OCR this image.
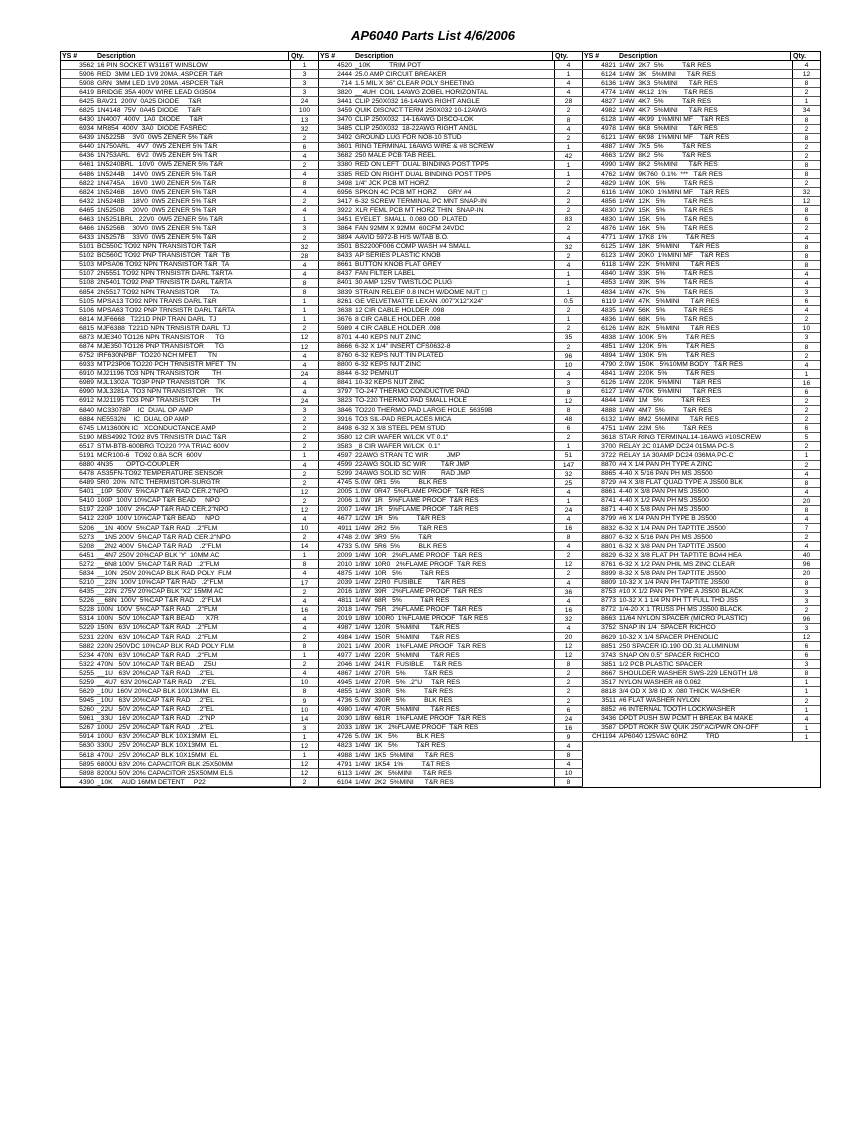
AP6040 Parts List 4/6/2006
YS #	Description	Qty.
3562 16 PIN SOCKET W3116T WINSLOW	1
5906 RED  3MM LED 1V9 20MA .4SPCER T&R	3
5908 GRN  3MM LED 1V9 20MA .4SPCER T&R	3
6419 BRIDGE 35A 400V WIRE LEAD GI3504	3
6425 BAV21  200V  0A25 DIODE     T&R	24
6825 1N4148  75V  0A45 DIODE     T&R	100
6430 1N4007  400V  1A0  DIODE     T&R	13
6934 MR854  400V  3A0  DIODE FASREC	32
6439 1N5225B    3V0  0W5 ZENER 5% T&R	2
6440 1N750ARL    4V7  0W5 ZENER 5% T&R	6
6436 1N753ARL    6V2  0W5 ZENER 5% T&R	4
6461 1N5240BRL   10V0  0W5 ZENER 5% T&R	2
6486 1N5244B    14V0  0W5 ZENER 5% T&R	4
6822 1N4745A    16V0  1W0 ZENER 5% T&R	8
6824 1N5246B    16V0  0W5 ZENER 5% T&R	4
6432 1N5248B    18V0  0W5 ZENER 5% T&R	2
6465 1N5250B    20V0  0W5 ZENER 5% T&R	4
6463 1N5251BRL   22V0  0W5 ZENER 5% T&R	1
6466 1N5256B    30V0  0W5 ZENER 5% T&R	3
6433 1N5257B    33V0  0W5 ZENER 5% T&R	2
5101 BC550C TO92 NPN TRANSISTOR T&R	32
5102 BC560C TO92 PNP TRANSISTOR  T&R  TB	28
5103 MPSA06 TO92 NPN TRANSISTOR T&R  TA	4
5107 2N5551 TO92 NPN TRNSISTR DARL T&RTA	4
5108 2N5401 TO92 PNP TRNSISTR DARL T&RTA	8
6854 2N5517 TO92 NPN TRANSISTOR      TA	8
5105 MPSA13 TO92 NPN TRANS DARL T&R	1
5106 MPSA63 TO92 PNP TRNSISTR DARL T&RTA	1
6814 MJF6668   T221D PNP TRAN DARL  TJ	1
6815 MJF6388  T221D NPN TRNSISTR DARL  TJ	2
6873 MJE340 TO126 NPN TRANSISTOR      TG	12
6874 MJE350 TO126 PNP TRANSISTOR      TG	12
6752 IRF630NPBF  TO220 NCH MFET      TN	4
6933 MTP23P06 TO220 PCH TRNSISTR MFET  TN	4
6910 MJ21196 TO3 NPN TRANSISTOR       TH	24
6989 MJL1302A  TO3P PNP TRANSISTOR    TK	4
6990 MJL3281A  TO3 NPN TRANSISTOR     TK	4
6912 MJ21195 TO3 PNP TRANSISTOR       TH	24
6840 MC33078P    IC  DUAL OP AMP	3
6884 NE5532N    IC  DUAL OP AMP	2
6745 LM13600N IC   XCONDUCTANCE AMP	2
5190 MBS4992 TO92 8V5 TRNSISTR DIAC T&R	2
6517 STM-BTB-600BRG TO220 ??A TRIAC 600V	2
5191 MCR100-6   TO92 0.8A SCR  600V	1
6880 4N35       OPTO-COUPLER	4
6478 AS35FN-TO92 TEMPERATURE SENSOR	2
6489 5R0  20%  NTC THERMISTOR-SURGTR	2
5401 _10P  500V  5%CAP T&R RAD CER.2"NPO	12
5410 100P  100V 10%CAP T&R BEAD     NPO	2
5197 220P  100V  2%CAP T&R RAD CER.2"NPO	12
5412 220P  100V 10%CAP T&R BEAD     NPO	4
5206 __1N  400V  5%CAP T&R RAD   .2"FLM	10
5273 __1N5 200V  5%CAP T&R RAD CER.2"NPO	2
5208 __2N2 400V  5%CAP T&R RAD    .2"FLM	14
6451 __4N7 250V 20%CAP BLK 'Y'  10MM AC	1
5272 __6N8 100V  5%CAP T&R RAD   .2"FLM	8
5834 __10N  250V 20%CAP BLK RAD POLY  FLM	4
5210 __22N  100V 10%CAP T&R RAD   .2"FLM	17
6435 __22N  275V 20%CAP BLK 'X2' 15MM AC	2
5226 __68N  100V  5%CAP T&R RAD   .2"FLM	4
5228 100N  100V  5%CAP T&R RAD   .2"FLM	16
5314 100N   50V 10%CAP T&R BEAD      X7R	4
5229 150N   63V 10%CAP T&R RAD   .2"FLM	4
5231 220N   63V 10%CAP T&R RAD   .2"FLM	2
5882 220N 250VDC 10%CAP BLK RAD POLY FLM	8
5234 470N   63V 10%CAP T&R RAD   .2"FLM	1
5322 470N   50V 10%CAP T&R BEAD     Z5U	2
5255 __1U   63V 20%CAP T&R RAD    .2"EL	4
5259 __4U7  63V 20%CAP T&R RAD    .2"EL	10
5629 _10U  160V 20%CAP BLK 10X13MM  EL	8
5945 _10U   63V 20%CAP T&R RAD    .2"EL	9
5260 _22U   50V 20%CAP T&R RAD    .2"EL	10
5961 _33U   16V 20%CAP T&R RAD    .2"NP	14
5267 100U   25V 20%CAP T&R RAD    .2"EL	3
5914 100U   63V 20%CAP BLK 10X13MM  EL	1
5630 330U   25V 20%CAP BLK 10X13MM  EL	12
5618 470U   25V 20%CAP BLK 10X15MM  EL	1
5895 6800U 63V 20% CAPACITOR BLK 25X50MM	12
5898 8200U 50V 20% CAPACITOR 25X50MM ELS	12
4390 _10K     AUD 16MM DETENT     P22	2
YS #	Description	Qty.
4520 _10K          TRIM POT	4
2444 25.0 AMP CIRCUIT BREAKER	1
714 1.5 MIL X 36" CLEAR POLY SHEETING	4
3820 __4UH  COIL 14AWG ZOBEL HORIZONTAL	4
3441 CLIP 250X032 16-14AWG RIGHT ANGLE	28
3459 QUIK DISCNCT TERM 250X032 10-12AWG	2
3470 CLIP 250X032  14-16AWG DISCO-LOK	8
3485 CLIP 250X032  18-22AWG RIGHT ANGL	4
3492 GROUND LUG FOR NO8-10 STUD	2
3601 RING TERMINAL 16AWG WIRE & #8 SCREW	1
3682 250 MALE PCB TAB REEL	42
3380 RED ON LEFT  DUAL BINDING POST TPP5	1
3385 RED ON RIGHT DUAL BINDING POST TPP5	1
3498 1/4" JCK PCB MT HORZ	2
6956 SPKON 4C PCB MT HORZ      GRY #4	2
3417 6-32 SCREW TERMINAL PC MNT SNAP-IN	2
3922 XLR FEML PCB MT HORZ THIN  SNAP-IN	2
3451 EYELET  SMALL  0.089 OD  PLATED	83
3864 FAN 92MM X 92MM  60CFM 24VDC	2
3894 AAVID 5972-B H/S W/TAB B.O.	4
3501 BS2200F006 COMP WASH #4 SMALL	32
8433 AP SERIES PLASTIC KNOB	2
8661 BUTTON KNOB FLAT GREY	4
8437 FAN FILTER LABEL	1
8401 30 AMP 125V TWISTLOC PLUG	1
3839 STRAIN RELEIF 0.8 INCH W/DOME NUT ◻	1
8261 GE VELVETMATTE LEXAN .007"X12"X24"	0.5
3638 12 CIR CABLE HOLDER .098	2
3676 8 CIR CABLE HOLDER .098	1
5989 4 CIR CABLE HOLDER .098	2
8701 4-40 KEPS NUT ZINC	35
8666 6-32 X 1/4" INSERT CFS0632-8	2
8760 6-32 KEPS NUT TIN PLATED	96
8800 6-32 KEPS NUT ZINC	10
8844 6-32 PEMNUT	4
8841 10-32 KEPS NUT ZINC	3
3797 TO-247 THERMO CONDUCTIVE PAD	8
3823 TO-220 THERMO PAD SMALL HOLE	12
3846 TO220 THERMO PAD LARGE HOLE  56359B	8
3916 TO3 SIL-PAD REPLACES MICA	48
8498 6-32 X 3/8 STEEL PEM STUD	6
3580 12 CIR WAFER W/LCK VT 0.1"	2
3583 _8 CIR WAFER W/LCK  0.1"	1
4597 22AWG STRAN TC WIR          JMP	51
4599 22AWG SOLID SC WIR        T&R JMP	147
5299 24AWG SOLID SC WIR        RAD JMP	32
4745 5.0W  0R1  5%          BLK RES	25
2005 1.0W  0R47  5%FLAME PROOF  T&R RES	4
2006 1.0W  1R   5%FLAME PROOF  T&R RES	1
2007 1/4W  1R   5%FLAME PROOF  T&R RES	24
4677 1/2W  1R   5%          T&R RES	4
4911 1/4W  2R2  5%          T&R RES	16
4748 2.0W  3R9  5%          T&R	8
4733 5.0W  5R6  5%          BLK RES	4
2009 1/4W  10R   2%FLAME PROOF  T&R RES	2
2010 1/8W  10R0   2%FLAME PROOF  T&R RES	12
4875 1/4W  10R   5%          T&R RES	2
2039 1/4W  22R0  FUSIBLE        T&R RES	4
2016 1/8W  39R   2%FLAME PROOF  T&R RES	36
4811 1/4W  68R   5%          T&R RES	4
2018 1/4W  75R   2%FLAME PROOF  T&R RES	16
2019 1/8W  100R0  1%FLAME PROOF  T&R RES	32
4987 1/4W  120R   5%MINI      T&R RES	4
4984 1/4W  150R   5%MINI      T&R RES	20
2021 1/4W  200R   1%FLAME PROOF  T&R RES	12
4977 1/4W  220R   5%MINI      T&R RES	12
2046 1/4W  241R   FUSIBLE     T&R RES	8
4867 1/4W  270R   5%          T&R RES	2
4945 1/4W  270R   5%  .2"U     T&R RES	2
4855 1/4W  330R   5%          T&R RES	2
4736 5.0W  390R   5%          BLK RES	2
4980 1/4W  470R   5%MINI      T&R RES	6
2030 1/8W  681R   1%FLAME PROOF  T&R RES	24
2033 1/8W  1K   2%FLAME PROOF  T&R RES	16
4726 5.0W  1K   5%          BLK RES	9
4823 1/4W  1K   5%          T&R RES	4
4988 1/4W  1K5  5%MINI      T&R RES	8
4791 1/4W  1K54  1%          T&T RES	4
6113 1/4W  2K   5%MINI      T&R RES	10
6104 1/4W  2K2  5%MINI      T&R RES	8
YS #	Description	Qty.
4821 1/4W  2K7  5%          T&R RES	4
6124 1/4W  3K   5%MINI      T&R RES	12
6136 1/4W  3K3  5%MINI      T&R RES	8
4774 1/4W  4K12  1%         T&R RES	2
4827 1/4W  4K7  5%          T&R RES	1
4982 1/4W  4K7  5%MINI      T&R RES	34
6128 1/4W  4K99  1%MINI MF    T&R RES	8
4978 1/4W  6K8  5%MINI      T&R RES	2
6121 1/4W  6K98  1%MINI MF    T&R RES	8
4887 1/4W  7K5  5%          T&R RES	2
4663 1/2W  8K2  5%          T&R RES	2
4990 1/4W  8K2  5%MINI      T&R RES	8
4762 1/4W  9K760  0.1%  ***   T&R RES	8
4829 1/4W  10K   5%          T&R RES	2
6116 1/4W  10K0  1%MINI MF    T&R RES	32
4856 1/4W  12K   5%          T&R RES	12
4830 1/2W  15K   5%          T&R RES	8
4830 1/4W  15K   5%          T&R RES	6
4876 1/4W  16K   5%          T&R RES	2
4771 1/4W  17K8  1%          T&R RES	4
6125 1/4W  18K   5%MINI      T&R RES	8
6123 1/4W  20K0  1%MINI MF    T&R RES	8
6118 1/4W  22K   5%MINI      T&R RES	8
4840 1/4W  33K   5%          T&R RES	4
4853 1/4W  39K   5%          T&R RES	4
4834 1/4W  47K   5%          T&R RES	3
6119 1/4W  47K   5%MINI      T&R RES	6
4835 1/4W  56K   5%          T&R RES	4
4836 1/4W  68K   5%          T&R RES	2
6126 1/4W  82K   5%MINI      T&R RES	10
4838 1/4W  100K  5%          T&R RES	3
4851 1/4W  120K  5%          T&R RES	8
4894 1/4W  130K  5%          T&R RES	2
4790 2.0W  150K   5%10MM BODY   T&R RES	4
4841 1/4W  220K  5%          T&R RES	1
6126 1/4W  220K  5%MINI      T&R RES	16
6127 1/4W  470K  5%MINI      T&R RES	6
4844 1/4W  1M   5%          T&R RES	2
4888 1/4W  4M7  5%          T&R RES	2
6132 1/4W  8M2  5%MINI      T&R RES	2
4751 1/4W  22M  5%          T&R RES	6
3618 STAR RING TERMINAL14-16AWG #10SCREW	5
3700 RELAY 2C 01AMP DC24 015MA PC-S	2
3722 RELAY 1A 30AMP DC24 036MA PC-C	1
8870 #4 X 1/4 PAN PH TYPE A ZINC	2
8865 4-40 X 5/16 PAN PH MS JS500	4
8729 #4 X 3/8 FLAT QUAD TYPE A JS500 BLK	8
8861 4-40 X 3/8 PAN PH MS JS500	4
8741 4-40 X 1/2 PAN PH MS JS500	20
8871 4-40 X 5/8 PAN PH MS JS500	8
8799 #6 X 1/4 PAN PH TYPE B JS500	4
8832 6-32 X 1/4 PAN PH TAPTITE JS500	7
8807 6-32 X 5/16 PAN PH MS JS500	2
8801 6-32 X 3/8 PAN PH TAPTITE JS500	4
8829 6-32 X 3/8 FLAT PH TAPTITE BO#4 HEA	40
8761 6-32 X 1/2 PAN PHIL MS ZINC CLEAR	96
8899 8-32 X 5/8 PAN PH TAPTITE JS500	20
8809 10-32 X 1/4 PAN PH TAPTITE JS500	8
8753 #10 X 1/2 PAN PH TYPE A JS500 BLACK	3
8773 10-32 X 1 1/4 PN PH TT FULL THD JS5	3
8772 1/4-20 X 1 TRUSS PH MS JS500 BLACK	2
8663 11/64 NYLON SPACER (MICRO PLASTIC)	96
3752 SNAP IN 1/4  SPACER RICHCO	3
8629 10-32 X 1/4 SPACER PHENOLIC	12
8851 250 SPACER ID.190 OD.31 ALUMINUM	6
3743 SNAP ON 0.5" SPACER RICHCO	6
3851 1/2 PCB PLASTIC SPACER	3
8667 SHOULDER WASHER SWS-229 LENGTH 1/8	8
3517 NYLON WASHER #8 0.062	1
8818 3/4 OD X 3/8 ID X .080 THICK WASHER	1
3511 #6 FLAT WASHER NYLON	2
8852 #6 INTERNAL TOOTH LOCKWASHER	1
3436 DPDT PUSH SW PCMT H BREAK B4 MAKE	4
3587 DPDT ROKR SW QUIK 250"AC/PWR ON-OFF	1
CH1194 AP6040 125VAC 60HZ          TRD	1
